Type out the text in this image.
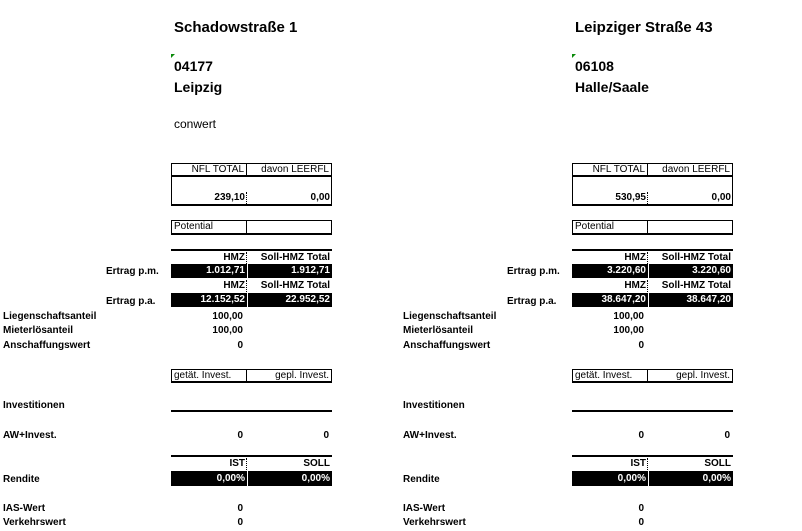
Schadowstraße 1
04177
Leipzig
conwert
NFL TOTAL	davon LEERFL
239,10	0,00
Potential
HMZ	Soll-HMZ Total
Ertrag p.m.	1.012,71	1.912,71
HMZ	Soll-HMZ Total
Ertrag p.a.	12.152,52	22.952,52
Liegenschaftsanteil	100,00
Mieterlösanteil	100,00
Anschaffungswert	0
getät. Invest.	gepl. Invest.
Investitionen
AW+Invest.	0	0
IST	SOLL
Rendite	0,00%	0,00%
IAS-Wert	0
Verkehrswert	0
Leipziger Straße 43
06108
Halle/Saale
NFL TOTAL	davon LEERFL
530,95	0,00
Potential
HMZ	Soll-HMZ Total
Ertrag p.m.	3.220,60	3.220,60
HMZ	Soll-HMZ Total
Ertrag p.a.	38.647,20	38.647,20
Liegenschaftsanteil	100,00
Mieterlösanteil	100,00
Anschaffungswert	0
getät. Invest.	gepl. Invest.
Investitionen
AW+Invest.	0	0
IST	SOLL
Rendite	0,00%	0,00%
IAS-Wert	0
Verkehrswert	0
